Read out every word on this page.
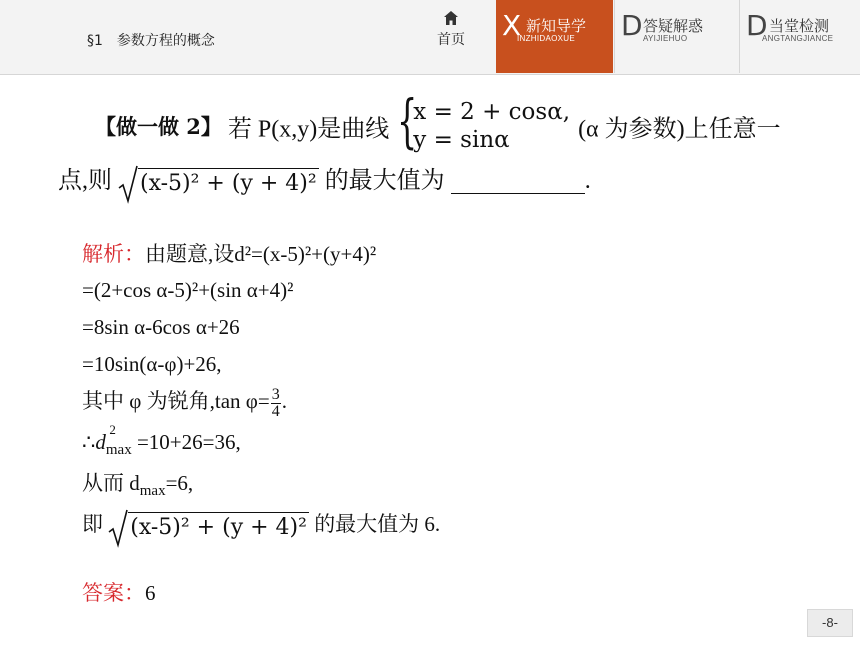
§1 参数方程的概念	首页 X 新知导学
INZHIDAOXUE D 答疑解惑
AYIJIEHUO D 当堂检测
ANGTANGJIANCE
【做一做 2】 若 P(x,y)是曲线 {
x = 2 + cosα,
y = sinα	(α 为参数)上任意一
点,则 (x-5)² + (y + 4)² 的最大值为	.
解析：由题意,设d²=(x-5)²+(y+4)²
=(2+cos α-5)²+(sin α+4)²
=8sin α-6cos α+26
=10sin(α-φ)+26,
其中 φ 为锐角,tan $\varphi= \frac{3}{4}$ .
∴d
2
$_{max}$ =10+26=36,
从而 $d_{max}=6$,
即 (x-5)² + (y + 4)² 的最大值为 6.
答案：6
-8-
